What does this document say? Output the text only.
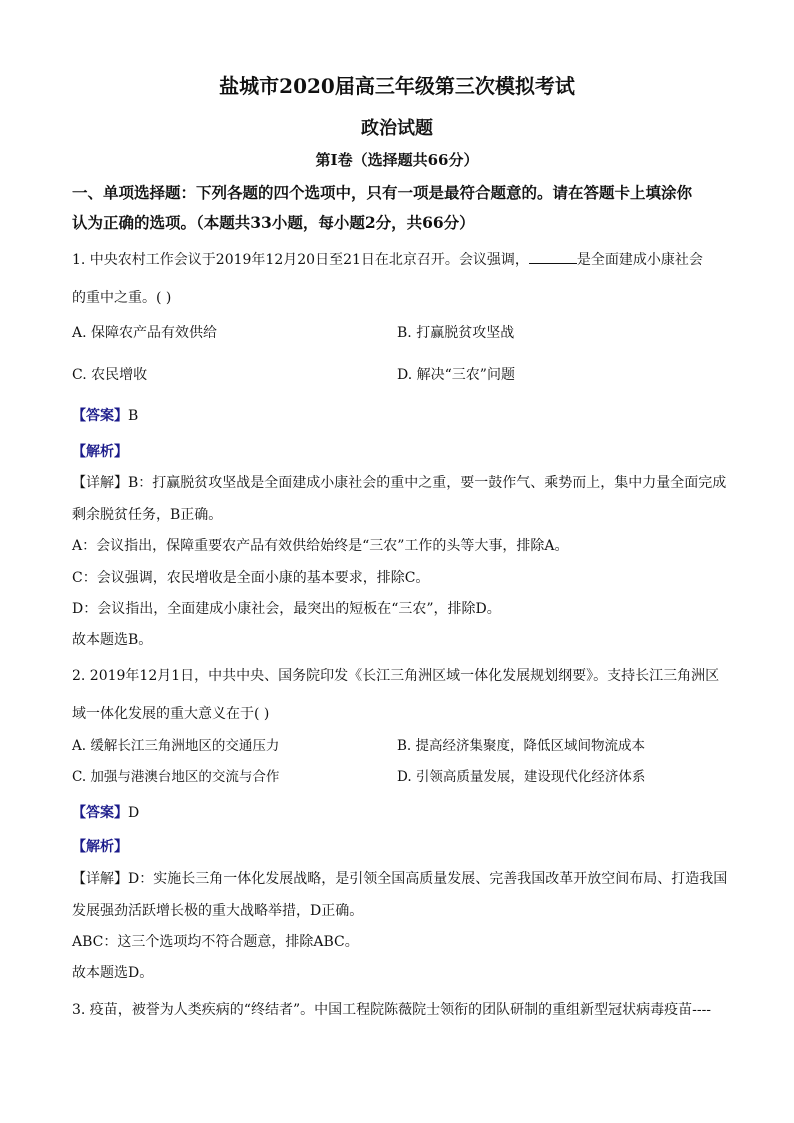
盐城市2020届高三年级第三次模拟考试
政治试题
第I卷（选择题共66分）
一、单项选择题：下列各题的四个选项中，只有一项是最符合题意的。请在答题卡上填涂你
认为正确的选项。（本题共33小题，每小题2分，共66分）
1. 中央农村工作会议于2019年12月20日至21日在北京召开。会议强调，	是全面建成小康社会
的重中之重。( )
A. 保障农产品有效供给	B. 打赢脱贫攻坚战
C. 农民增收	D. 解决“三农”问题
【答案】B
【解析】
【详解】B：打赢脱贫攻坚战是全面建成小康社会的重中之重，要一鼓作气、乘势而上，集中力量全面完成
剩余脱贫任务，B正确。
A：会议指出，保障重要农产品有效供给始终是“三农”工作的头等大事，排除A。
C：会议强调，农民增收是全面小康的基本要求，排除C。
D：会议指出，全面建成小康社会，最突出的短板在“三农”，排除D。
故本题选B。
2. 2019年12月1日，中共中央、国务院印发《长江三角洲区域一体化发展规划纲要》。支持长江三角洲区
域一体化发展的重大意义在于( )
A. 缓解长江三角洲地区的交通压力	B. 提高经济集聚度，降低区域间物流成本
C. 加强与港澳台地区的交流与合作	D. 引领高质量发展，建设现代化经济体系
【答案】D
【解析】
【详解】D：实施长三角一体化发展战略，是引领全国高质量发展、完善我国改革开放空间布局、打造我国
发展强劲活跃增长极的重大战略举措，D正确。
ABC：这三个选项均不符合题意，排除ABC。
故本题选D。
3. 疫苗，被誉为人类疾病的“终结者”。中国工程院陈薇院士领衔的团队研制的重组新型冠状病毒疫苗----
